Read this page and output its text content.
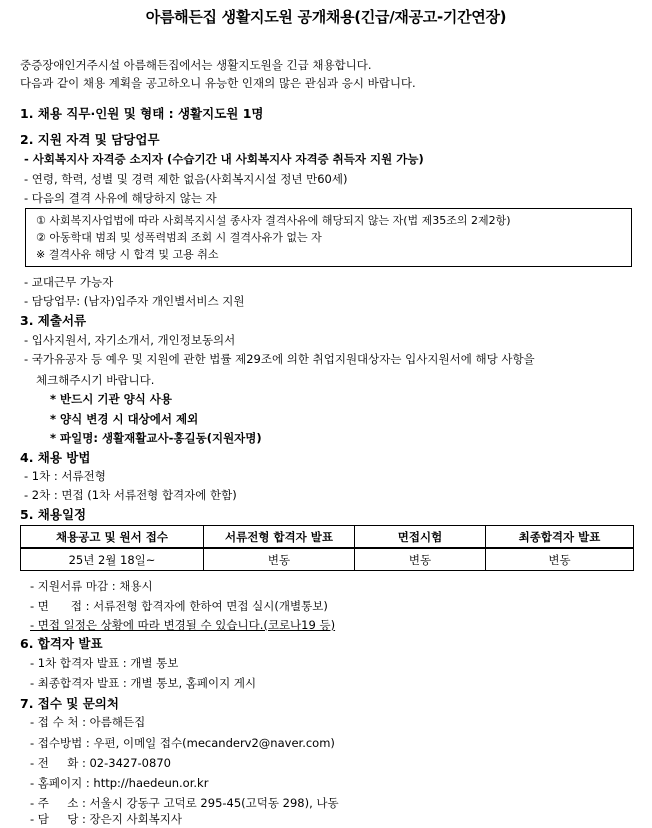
아름해든집 생활지도원 공개채용(긴급/재공고-기간연장)
중증장애인거주시설 아름해든집에서는 생활지도원을 긴급 채용합니다.
다음과 같이 채용 계획을 공고하오니 유능한 인재의 많은 관심과 응시 바랍니다.
1. 채용 직무·인원 및 형태 : 생활지도원 1명
2. 지원 자격 및 담당업무
- 사회복지사 자격증 소지자 (수습기간 내 사회복지사 자격증 취득자 지원 가능)
- 연령, 학력, 성별 및 경력 제한 없음(사회복지시설 정년 만60세)
- 다음의 결격 사유에 해당하지 않는 자
① 사회복지사업법에 따라 사회복지시설 종사자 결격사유에 해당되지 않는 자(법 제35조의 2제2항)
② 아동학대 범죄 및 성폭력범죄 조회 시 결격사유가 없는 자
※ 결격사유 해당 시 합격 및 고용 취소
- 교대근무 가능자
- 담당업무: (남자)입주자 개인별서비스 지원
3. 제출서류
- 입사지원서, 자기소개서, 개인정보동의서
- 국가유공자 등 예우 및 지원에 관한 법률 제29조에 의한 취업지원대상자는 입사지원서에 해당 사항을
체크해주시기 바랍니다.
* 반드시 기관 양식 사용
* 양식 변경 시 대상에서 제외
* 파일명: 생활재활교사-홍길동(지원자명)
4. 채용 방법
- 1차 : 서류전형
- 2차 : 면접 (1차 서류전형 합격자에 한함)
5. 채용일정
채용공고 및 원서 접수	서류전형 합격자 발표	면접시험	최종합격자 발표
25년 2월 18일~	변동	변동	변동
- 지원서류 마감 : 채용시
- 면      접 : 서류전형 합격자에 한하여 면접 실시(개별통보)
- 면접 일정은 상황에 따라 변경될 수 있습니다.(코로나19 등)
6. 합격자 발표
- 1차 합격자 발표 : 개별 통보
- 최종합격자 발표 : 개별 통보, 홈페이지 게시
7. 접수 및 문의처
- 접 수 처 : 아름해든집
- 접수방법 : 우편, 이메일 접수(mecanderv2@naver.com)
- 전     화 : 02-3427-0870
- 홈페이지 : http://haedeun.or.kr
- 주     소 : 서울시 강동구 고덕로 295-45(고덕동 298), 나동
- 담     당 : 장은지 사회복지사
